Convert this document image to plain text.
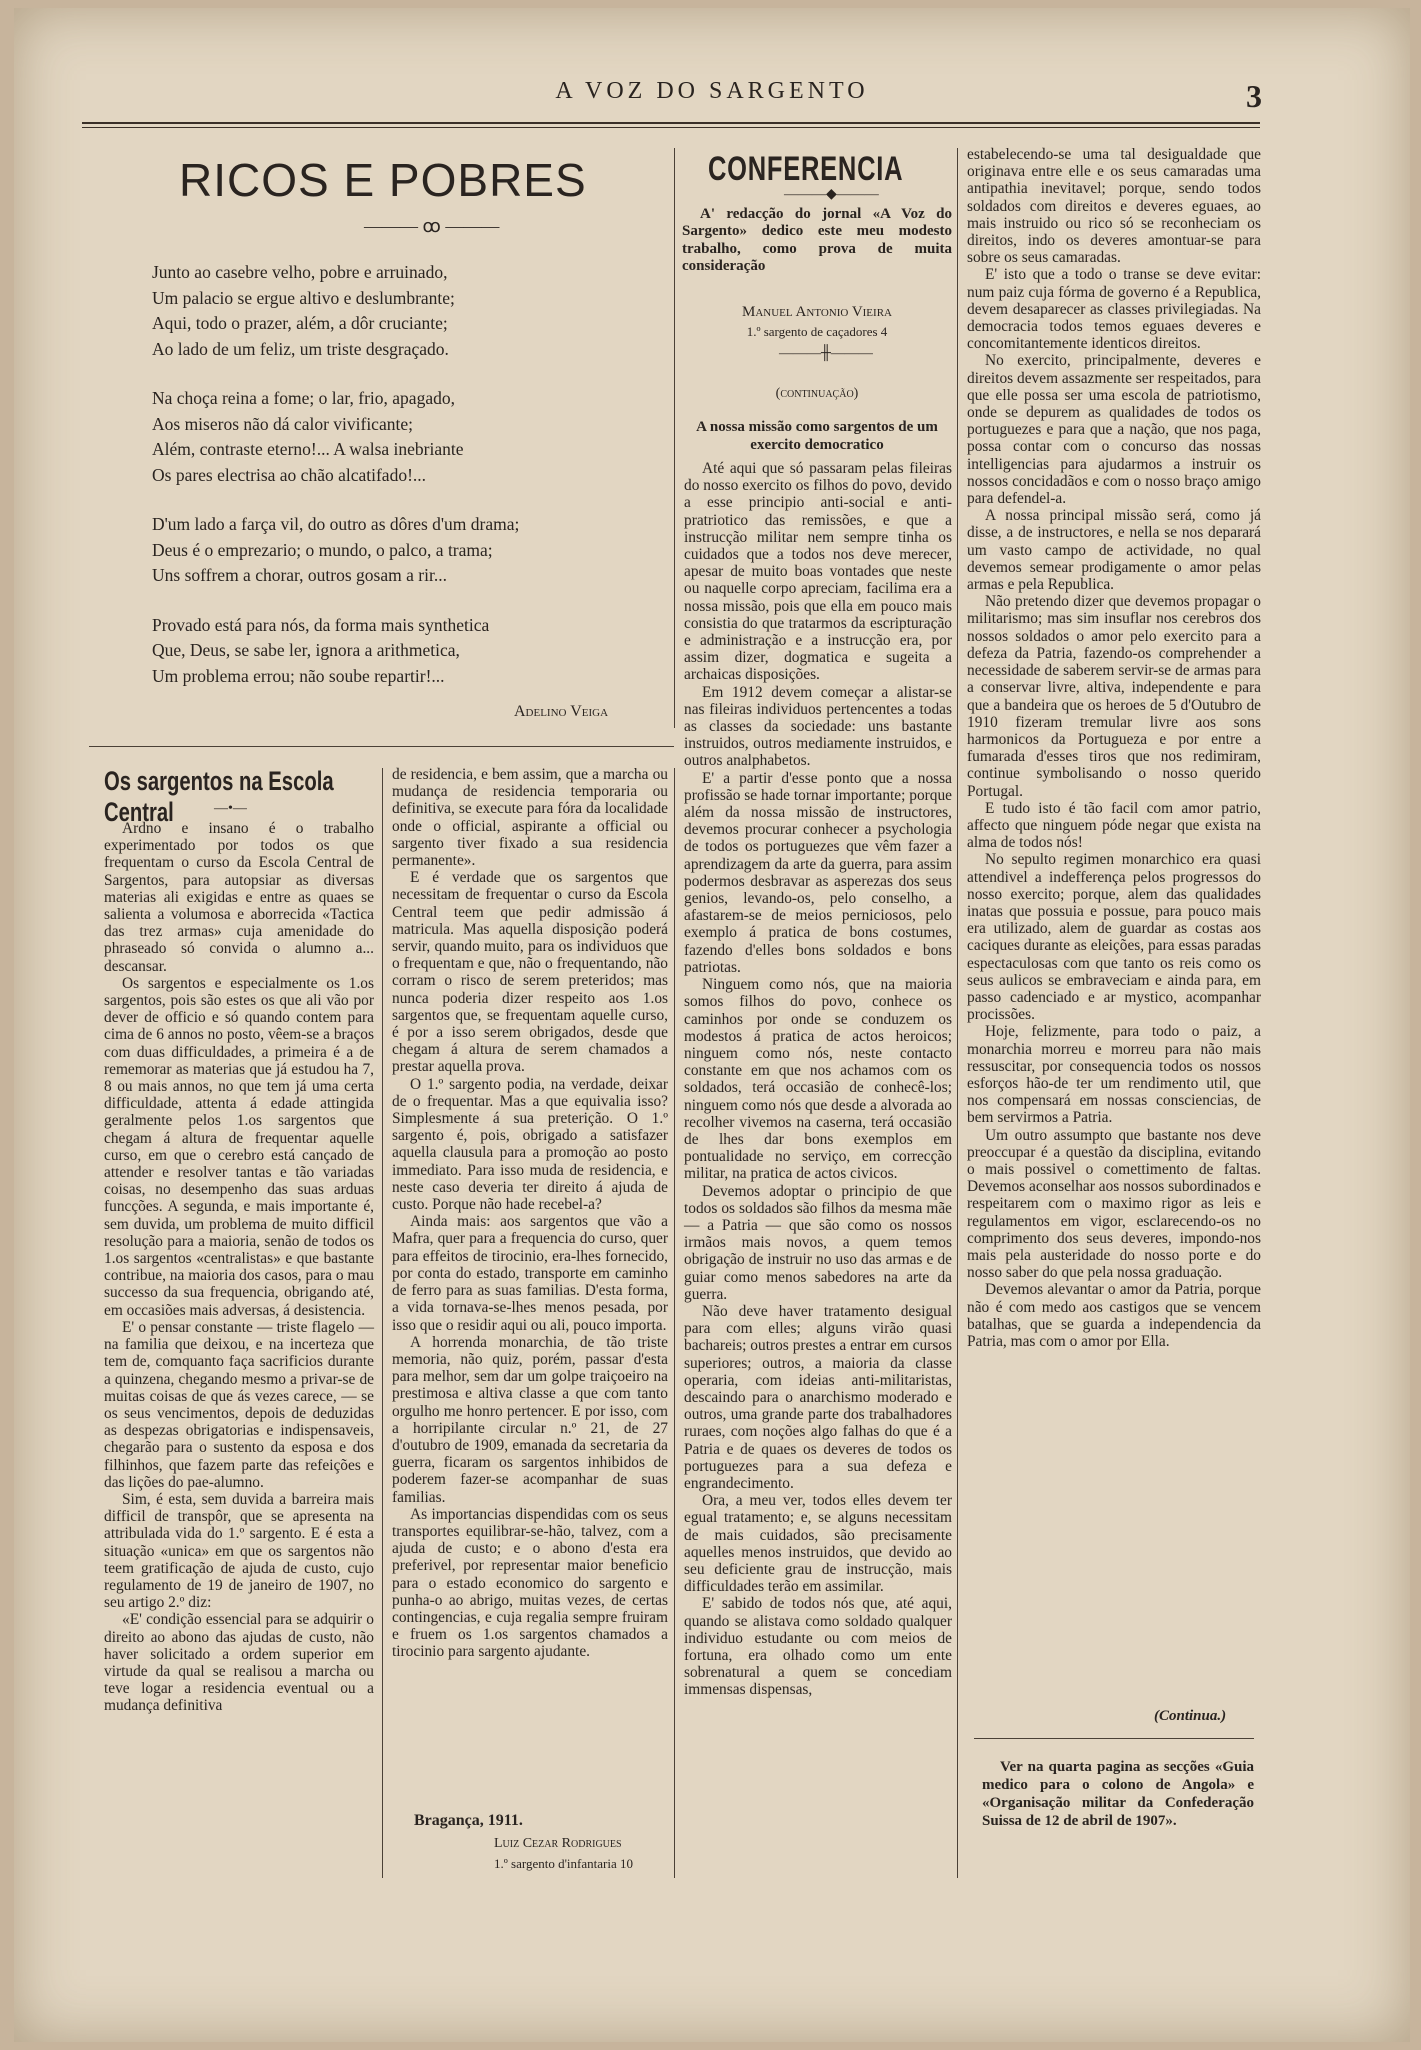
A VOZ DO SARGENTO	3
RICOS E POBRES
——— ꝏ ———
Junto ao casebre velho, pobre e arruinado,
Um palacio se ergue altivo e deslumbrante;
Aqui, todo o prazer, além, a dôr cruciante;
Ao lado de um feliz, um triste desgraçado.
Na choça reina a fome; o lar, frio, apagado,
Aos miseros não dá calor vivificante;
Além, contraste eterno!... A walsa inebriante
Os pares electrisa ao chão alcatifado!...
D'um lado a farça vil, do outro as dôres d'um drama;
Deus é o emprezario; o mundo, o palco, a trama;
Uns soffrem a chorar, outros gosam a rir...
Provado está para nós, da forma mais synthetica
Que, Deus, se sabe ler, ignora a arithmetica,
Um problema errou; não soube repartir!...
Adelino Veiga
Os sargentos na Escola Central	—•—

Ardno e insano é o trabalho experimentado por todos os que frequentam o curso da Escola Central de Sargentos, para autopsiar as diversas materias ali exigidas e entre as quaes se salienta a volumosa e aborrecida «Tactica das trez armas» cuja amenidade do phraseado só convida o alumno a... descansar.

Os sargentos e especialmente os 1.os sargentos, pois são estes os que ali vão por dever de officio e só quando contem para cima de 6 annos no posto, vêem-se a braços com duas difficuldades, a primeira é a de rememorar as materias que já estudou ha 7, 8 ou mais annos, no que tem já uma certa difficuldade, attenta á edade attingida geralmente pelos 1.os sargentos que chegam á altura de frequentar aquelle curso, em que o cerebro está cançado de attender e resolver tantas e tão variadas coisas, no desempenho das suas arduas funcções. A segunda, e mais importante é, sem duvida, um problema de muito difficil resolução para a maioria, senão de todos os 1.os sargentos «centralistas» e que bastante contribue, na maioria dos casos, para o mau successo da sua frequencia, obrigando até, em occasiões mais adversas, á desistencia.

E' o pensar constante — triste flagelo — na familia que deixou, e na incerteza que tem de, comquanto faça sacrificios durante a quinzena, chegando mesmo a privar-se de muitas coisas de que ás vezes carece, — se os seus vencimentos, depois de deduzidas as despezas obrigatorias e indispensaveis, chegarão para o sustento da esposa e dos filhinhos, que fazem parte das refeições e das lições do pae-alumno.

Sim, é esta, sem duvida a barreira mais difficil de transpôr, que se apresenta na attribulada vida do 1.º sargento. E é esta a situação «unica» em que os sargentos não teem gratificação de ajuda de custo, cujo regulamento de 19 de janeiro de 1907, no seu artigo 2.º diz:

«E' condição essencial para se adquirir o direito ao abono das ajudas de custo, não haver solicitado a ordem superior em virtude da qual se realisou a marcha ou teve logar a residencia eventual ou a mudança definitiva

de residencia, e bem assim, que a marcha ou mudança de residencia temporaria ou definitiva, se execute para fóra da localidade onde o official, aspirante a official ou sargento tiver fixado a sua residencia permanente».

E é verdade que os sargentos que necessitam de frequentar o curso da Escola Central teem que pedir admissão á matricula. Mas aquella disposição poderá servir, quando muito, para os individuos que o frequentam e que, não o frequentando, não corram o risco de serem preteridos; mas nunca poderia dizer respeito aos 1.os sargentos que, se frequentam aquelle curso, é por a isso serem obrigados, desde que chegam á altura de serem chamados a prestar aquella prova.

O 1.º sargento podia, na verdade, deixar de o frequentar. Mas a que equivalia isso? Simplesmente á sua preterição. O 1.º sargento é, pois, obrigado a satisfazer aquella clausula para a promoção ao posto immediato. Para isso muda de residencia, e neste caso deveria ter direito á ajuda de custo. Porque não hade recebel-a?

Ainda mais: aos sargentos que vão a Mafra, quer para a frequencia do curso, quer para effeitos de tirocinio, era-lhes fornecido, por conta do estado, transporte em caminho de ferro para as suas familias. D'esta forma, a vida tornava-se-lhes menos pesada, por isso que o residir aqui ou ali, pouco importa.

A horrenda monarchia, de tão triste memoria, não quiz, porém, passar d'esta para melhor, sem dar um golpe traiçoeiro na prestimosa e altiva classe a que com tanto orgulho me honro pertencer. E por isso, com a horripilante circular n.º 21, de 27 d'outubro de 1909, emanada da secretaria da guerra, ficaram os sargentos inhibidos de poderem fazer-se acompanhar de suas familias.

As importancias dispendidas com os seus transportes equilibrar-se-hão, talvez, com a ajuda de custo; e o abono d'esta era preferivel, por representar maior beneficio para o estado economico do sargento e punha-o ao abrigo, muitas vezes, de certas contingencias, e cuja regalia sempre fruiram e fruem os 1.os sargentos chamados a tirocinio para sargento ajudante.

Bragança, 1911.
Luiz Cezar Rodrigues
1.º sargento d'infantaria 10
CONFERENCIA
———◆———

A' redacção do jornal «A Voz do Sargento» dedico este meu modesto trabalho, como prova de muita consideração

Manuel Antonio Vieira
1.º sargento de caçadores 4
———╫———
(continuação)
A nossa missão como sargentos de um exercito democratico

Até aqui que só passaram pelas fileiras do nosso exercito os filhos do povo, devido a esse principio anti-social e anti-pratriotico das remissões, e que a instrucção militar nem sempre tinha os cuidados que a todos nos deve merecer, apesar de muito boas vontades que neste ou naquelle corpo apreciam, facilima era a nossa missão, pois que ella em pouco mais consistia do que tratarmos da escripturação e administração e a instrucção era, por assim dizer, dogmatica e sugeita a archaicas disposições.

Em 1912 devem começar a alistar-se nas fileiras individuos pertencentes a todas as classes da sociedade: uns bastante instruidos, outros mediamente instruidos, e outros analphabetos.

E' a partir d'esse ponto que a nossa profissão se hade tornar importante; porque além da nossa missão de instructores, devemos procurar conhecer a psychologia de todos os portuguezes que vêm fazer a aprendizagem da arte da guerra, para assim podermos desbravar as asperezas dos seus genios, levando-os, pelo conselho, a afastarem-se de meios perniciosos, pelo exemplo á pratica de bons costumes, fazendo d'elles bons soldados e bons patriotas.

Ninguem como nós, que na maioria somos filhos do povo, conhece os caminhos por onde se conduzem os modestos á pratica de actos heroicos; ninguem como nós, neste contacto constante em que nos achamos com os soldados, terá occasião de conhecê-los; ninguem como nós que desde a alvorada ao recolher vivemos na caserna, terá occasião de lhes dar bons exemplos em pontualidade no serviço, em correcção militar, na pratica de actos civicos.

Devemos adoptar o principio de que todos os soldados são filhos da mesma mãe — a Patria — que são como os nossos irmãos mais novos, a quem temos obrigação de instruir no uso das armas e de guiar como menos sabedores na arte da guerra.

Não deve haver tratamento desigual para com elles; alguns virão quasi bachareis; outros prestes a entrar em cursos superiores; outros, a maioria da classe operaria, com ideias anti-militaristas, descaindo para o anarchismo moderado e outros, uma grande parte dos trabalhadores ruraes, com noções algo falhas do que é a Patria e de quaes os deveres de todos os portuguezes para a sua defeza e engrandecimento.

Ora, a meu ver, todos elles devem ter egual tratamento; e, se alguns necessitam de mais cuidados, são precisamente aquelles menos instruidos, que devido ao seu deficiente grau de instrucção, mais difficuldades terão em assimilar.

E' sabido de todos nós que, até aqui, quando se alistava como soldado qualquer individuo estudante ou com meios de fortuna, era olhado como um ente sobrenatural a quem se concediam immensas dispensas,

estabelecendo-se uma tal desigualdade que originava entre elle e os seus camaradas uma antipathia inevitavel; porque, sendo todos soldados com direitos e deveres eguaes, ao mais instruido ou rico só se reconheciam os direitos, indo os deveres amontuar-se para sobre os seus camaradas.

E' isto que a todo o transe se deve evitar: num paiz cuja fórma de governo é a Republica, devem desaparecer as classes privilegiadas. Na democracia todos temos eguaes deveres e concomitantemente identicos direitos.

No exercito, principalmente, deveres e direitos devem assazmente ser respeitados, para que elle possa ser uma escola de patriotismo, onde se depurem as qualidades de todos os portuguezes e para que a nação, que nos paga, possa contar com o concurso das nossas intelligencias para ajudarmos a instruir os nossos concidadãos e com o nosso braço amigo para defendel-a.

A nossa principal missão será, como já disse, a de instructores, e nella se nos deparará um vasto campo de actividade, no qual devemos semear prodigamente o amor pelas armas e pela Republica.

Não pretendo dizer que devemos propagar o militarismo; mas sim insuflar nos cerebros dos nossos soldados o amor pelo exercito para a defeza da Patria, fazendo-os comprehender a necessidade de saberem servir-se de armas para a conservar livre, altiva, independente e para que a bandeira que os heroes de 5 d'Outubro de 1910 fizeram tremular livre aos sons harmonicos da Portugueza e por entre a fumarada d'esses tiros que nos redimiram, continue symbolisando o nosso querido Portugal.

E tudo isto é tão facil com amor patrio, affecto que ninguem póde negar que exista na alma de todos nós!

No sepulto regimen monarchico era quasi attendivel a indefferença pelos progressos do nosso exercito; porque, alem das qualidades inatas que possuia e possue, para pouco mais era utilizado, alem de guardar as costas aos caciques durante as eleições, para essas paradas espectaculosas com que tanto os reis como os seus aulicos se embraveciam e ainda para, em passo cadenciado e ar mystico, acompanhar procissões.

Hoje, felizmente, para todo o paiz, a monarchia morreu e morreu para não mais ressuscitar, por consequencia todos os nossos esforços hão-de ter um rendimento util, que nos compensará em nossas consciencias, de bem servirmos a Patria.

Um outro assumpto que bastante nos deve preoccupar é a questão da disciplina, evitando o mais possivel o comettimento de faltas. Devemos aconselhar aos nossos subordinados e respeitarem com o maximo rigor as leis e regulamentos em vigor, esclarecendo-os no comprimento dos seus deveres, impondo-nos mais pela austeridade do nosso porte e do nosso saber do que pela nossa graduação.

Devemos alevantar o amor da Patria, porque não é com medo aos castigos que se vencem batalhas, que se guarda a independencia da Patria, mas com o amor por Ella.

(Continua.)

Ver na quarta pagina as secções «Guia medico para o colono de Angola» e «Organisação militar da Confederação Suissa de 12 de abril de 1907».
